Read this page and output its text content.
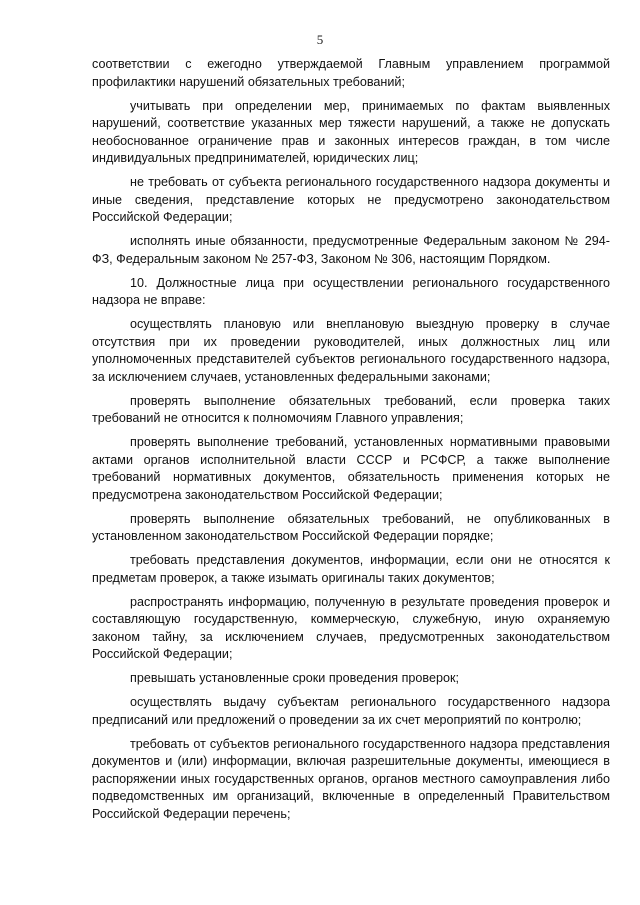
5

соответствии с ежегодно утверждаемой Главным управлением программой профилактики нарушений обязательных требований;

учитывать при определении мер, принимаемых по фактам выявленных нарушений, соответствие указанных мер тяжести нарушений, а также не допускать необоснованное ограничение прав и законных интересов граждан, в том числе индивидуальных предпринимателей, юридических лиц;

не требовать от субъекта регионального государственного надзора документы и иные сведения, представление которых не предусмотрено законодательством Российской Федерации;

исполнять иные обязанности, предусмотренные Федеральным законом № 294-ФЗ, Федеральным законом № 257-ФЗ, Законом № 306, настоящим Порядком.

10. Должностные лица при осуществлении регионального государственного надзора не вправе:

осуществлять плановую или внеплановую выездную проверку в случае отсутствия при их проведении руководителей, иных должностных лиц или уполномоченных представителей субъектов регионального государственного надзора, за исключением случаев, установленных федеральными законами;

проверять выполнение обязательных требований, если проверка таких требований не относится к полномочиям Главного управления;

проверять выполнение требований, установленных нормативными правовыми актами органов исполнительной власти СССР и РСФСР, а также выполнение требований нормативных документов, обязательность применения которых не предусмотрена законодательством Российской Федерации;

проверять выполнение обязательных требований, не опубликованных в установленном законодательством Российской Федерации порядке;

требовать представления документов, информации, если они не относятся к предметам проверок, а также изымать оригиналы таких документов;

распространять информацию, полученную в результате проведения проверок и составляющую государственную, коммерческую, служебную, иную охраняемую законом тайну, за исключением случаев, предусмотренных законодательством Российской Федерации;

превышать установленные сроки проведения проверок;

осуществлять выдачу субъектам регионального государственного надзора предписаний или предложений о проведении за их счет мероприятий по контролю;

требовать от субъектов регионального государственного надзора представления документов и (или) информации, включая разрешительные документы, имеющиеся в распоряжении иных государственных органов, органов местного самоуправления либо подведомственных им организаций, включенные в определенный Правительством Российской Федерации перечень;
